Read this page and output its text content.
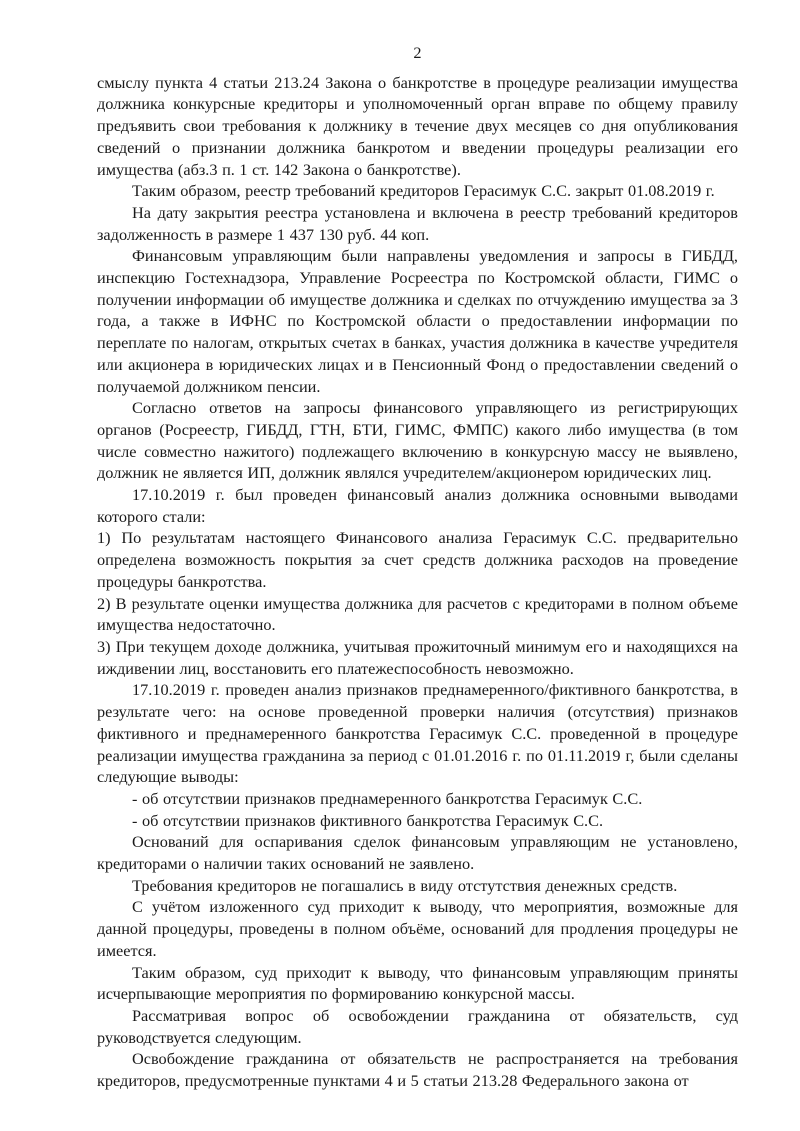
2

смыслу пункта 4 статьи 213.24 Закона о банкротстве в процедуре реализации имущества должника конкурсные кредиторы и уполномоченный орган вправе по общему правилу предъявить свои требования к должнику в течение двух месяцев со дня опубликования сведений о признании должника банкротом и введении процедуры реализации его имущества (абз.3 п. 1 ст. 142 Закона о банкротстве).

Таким образом, реестр требований кредиторов Герасимук С.С. закрыт 01.08.2019 г.

На дату закрытия реестра установлена и включена в реестр требований кредиторов задолженность в размере 1 437 130 руб. 44 коп.

Финансовым управляющим были направлены уведомления и запросы в ГИБДД, инспекцию Гостехнадзора, Управление Росреестра по Костромской области, ГИМС о получении информации об имуществе должника и сделках по отчуждению имущества за 3 года, а также в ИФНС по Костромской области о предоставлении информации по переплате по налогам, открытых счетах в банках, участия должника в качестве учредителя или акционера в юридических лицах и в Пенсионный Фонд о предоставлении сведений о получаемой должником пенсии.

Согласно ответов на запросы финансового управляющего из регистрирующих органов (Росреестр, ГИБДД, ГТН, БТИ, ГИМС, ФМПС) какого либо имущества (в том числе совместно нажитого) подлежащего включению в конкурсную массу не выявлено, должник не является ИП, должник являлся учредителем/акционером юридических лиц.

17.10.2019 г. был проведен финансовый анализ должника основными выводами которого стали:

1) По результатам настоящего Финансового анализа Герасимук С.С. предварительно определена возможность покрытия за счет средств должника расходов на проведение процедуры банкротства.

2) В результате оценки имущества должника для расчетов с кредиторами в полном объеме имущества недостаточно.

3) При текущем доходе должника, учитывая прожиточный минимум его и находящихся на иждивении лиц, восстановить его платежеспособность невозможно.

17.10.2019 г. проведен анализ признаков преднамеренного/фиктивного банкротства, в результате чего: на основе проведенной проверки наличия (отсутствия) признаков фиктивного и преднамеренного банкротства Герасимук С.С. проведенной в процедуре реализации имущества гражданина за период с 01.01.2016 г. по 01.11.2019 г, были сделаны следующие выводы:

- об отсутствии признаков преднамеренного банкротства Герасимук С.С.

- об отсутствии признаков фиктивного банкротства Герасимук С.С.

Оснований для оспаривания сделок финансовым управляющим не установлено, кредиторами о наличии таких оснований не заявлено.

Требования кредиторов не погашались в виду отстутствия денежных средств.

С учётом изложенного суд приходит к выводу, что мероприятия, возможные для данной процедуры, проведены в полном объёме, оснований для продления процедуры не имеется.

Таким образом, суд приходит к выводу, что финансовым управляющим приняты исчерпывающие мероприятия по формированию конкурсной массы.

Рассматривая вопрос об освобождении гражданина от обязательств, суд руководствуется следующим.

Освобождение гражданина от обязательств не распространяется на требования кредиторов, предусмотренные пунктами 4 и 5 статьи 213.28 Федерального закона от
